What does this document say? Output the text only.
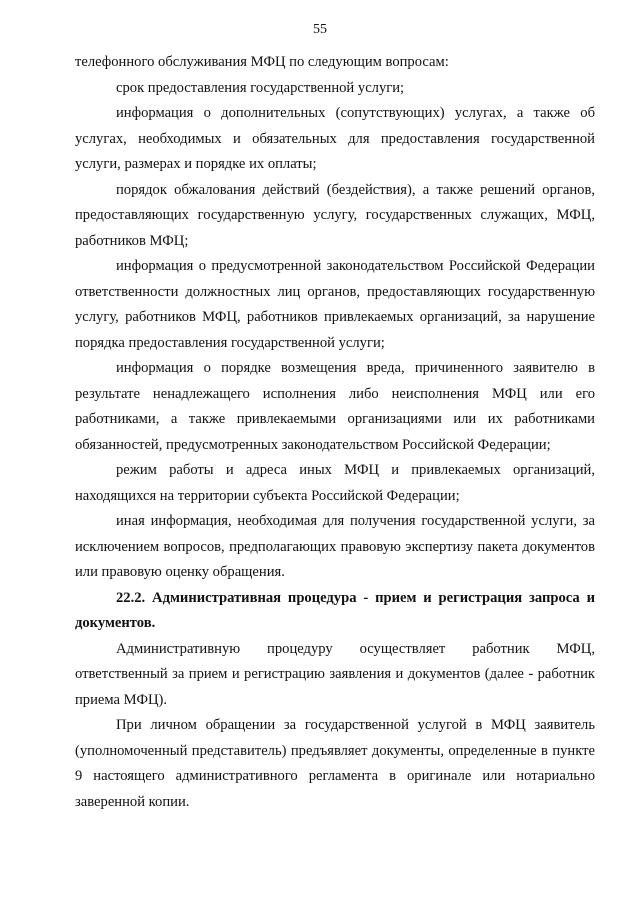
55

телефонного обслуживания МФЦ по следующим вопросам:

срок предоставления государственной услуги;

информация о дополнительных (сопутствующих) услугах, а также об услугах, необходимых и обязательных для предоставления государственной услуги, размерах и порядке их оплаты;

порядок обжалования действий (бездействия), а также решений органов, предоставляющих государственную услугу, государственных служащих, МФЦ, работников МФЦ;

информация о предусмотренной законодательством Российской Федерации ответственности должностных лиц органов, предоставляющих государственную услугу, работников МФЦ, работников привлекаемых организаций, за нарушение порядка предоставления государственной услуги;

информация о порядке возмещения вреда, причиненного заявителю в результате ненадлежащего исполнения либо неисполнения МФЦ или его работниками, а также привлекаемыми организациями или их работниками обязанностей, предусмотренных законодательством Российской Федерации;

режим работы и адреса иных МФЦ и привлекаемых организаций, находящихся на территории субъекта Российской Федерации;

иная информация, необходимая для получения государственной услуги, за исключением вопросов, предполагающих правовую экспертизу пакета документов или правовую оценку обращения.

22.2. Административная процедура - прием и регистрация запроса и документов.

Административную процедуру осуществляет работник МФЦ, ответственный за прием и регистрацию заявления и документов (далее - работник приема МФЦ).

При личном обращении за государственной услугой в МФЦ заявитель (уполномоченный представитель) предъявляет документы, определенные в пункте 9 настоящего административного регламента в оригинале или нотариально заверенной копии.
